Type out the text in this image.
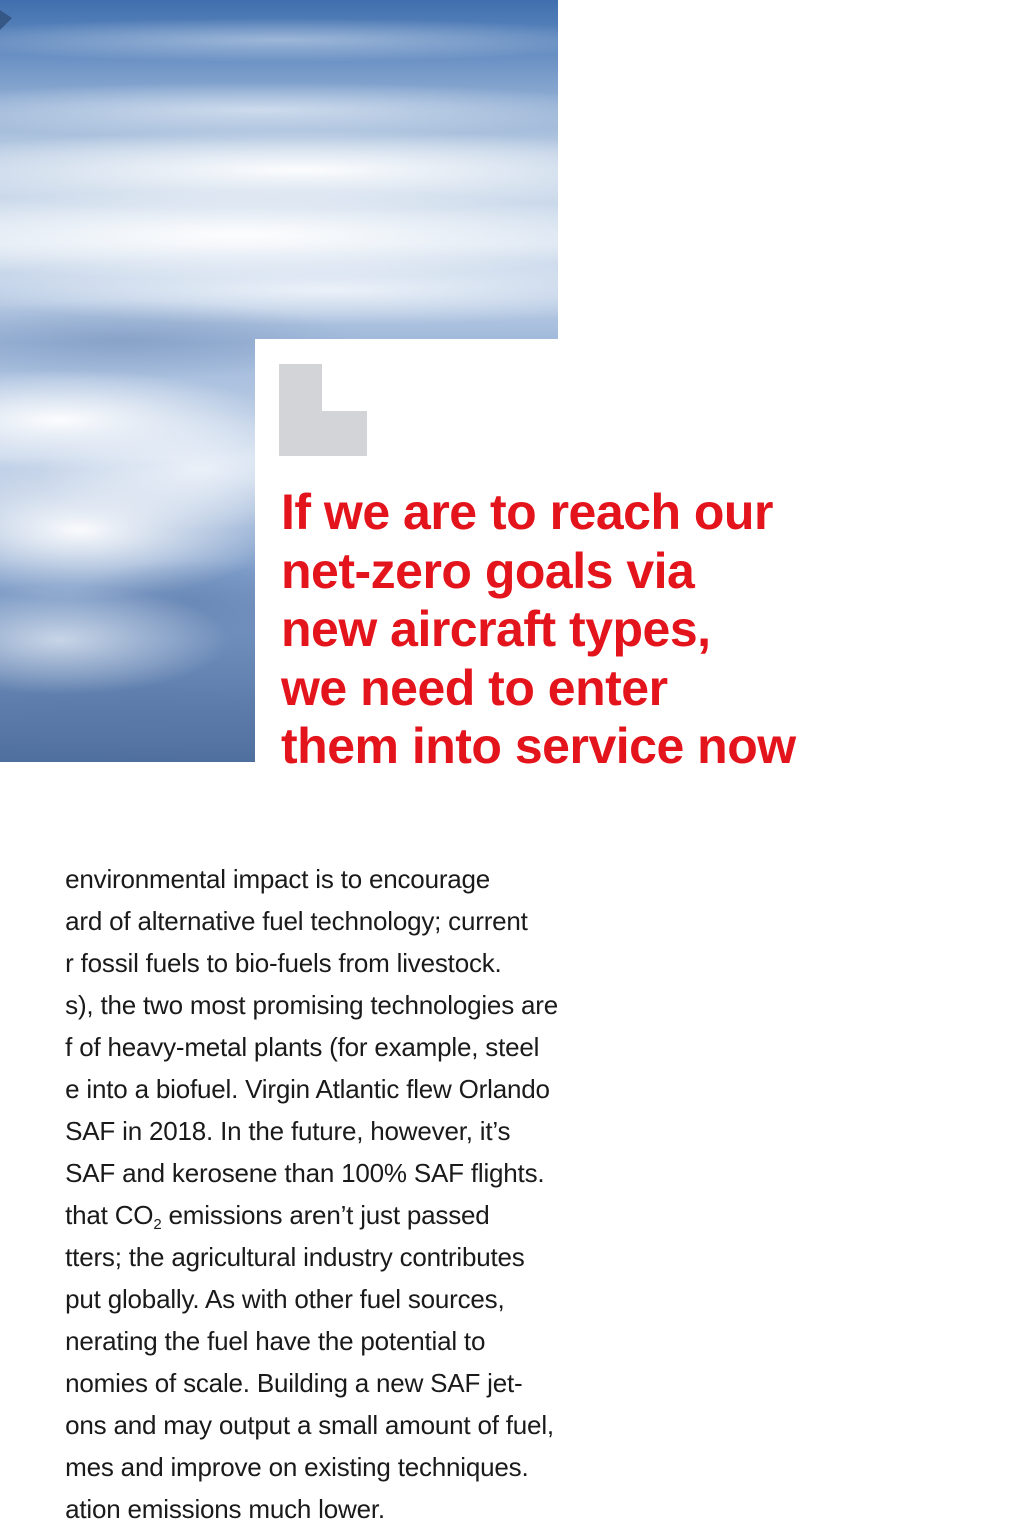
If we are to reach our
net-zero goals via
new aircraft types,
we need to enter
them into service now
environmental impact is to encourage
ard of alternative fuel technology; current
r fossil fuels to bio-fuels from livestock.
s), the two most promising technologies are
f of heavy-metal plants (for example, steel
e into a biofuel. Virgin Atlantic flew Orlando
SAF in 2018. In the future, however, it’s
SAF and kerosene than 100% SAF flights.
that $CO_2$ emissions aren’t just passed
tters; the agricultural industry contributes
put globally. As with other fuel sources,
nerating the fuel have the potential to
nomies of scale. Building a new SAF jet-
ons and may output a small amount of fuel,
mes and improve on existing techniques.
ation emissions much lower.
